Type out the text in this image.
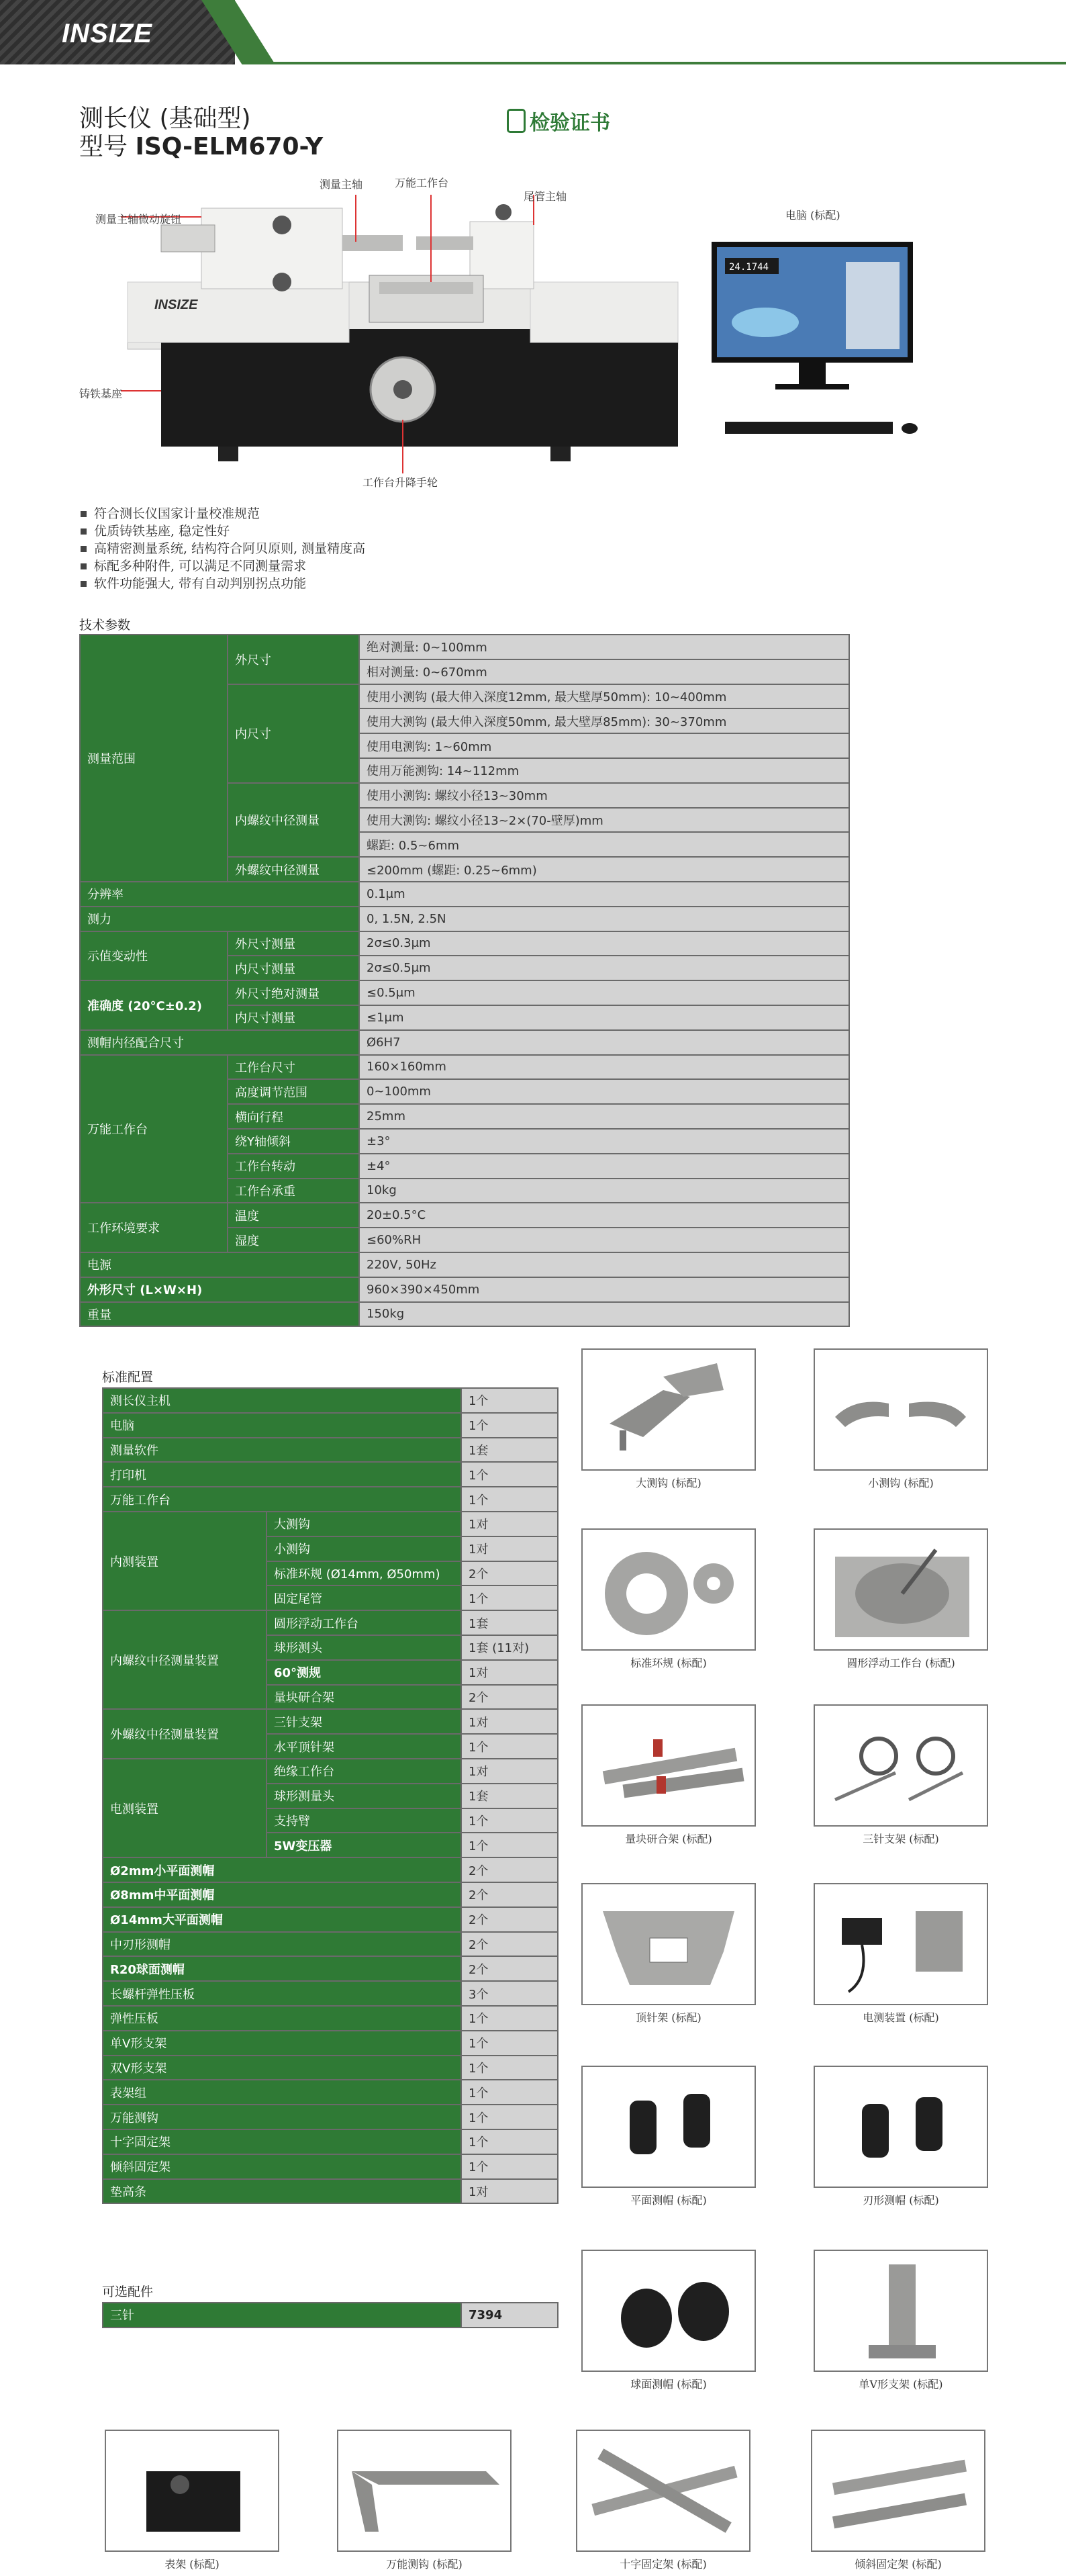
INSIZE
测长仪 (基础型)
型号 ISQ-ELM670-Y
检验证书
INSIZE
测量主轴	万能工作台
尾管主轴
测量主轴微动旋钮
铸铁基座
工作台升降手轮
电脑 (标配)
24.1744
符合测长仪国家计量校准规范
优质铸铁基座, 稳定性好
高精密测量系统, 结构符合阿贝原则, 测量精度高
标配多种附件, 可以满足不同测量需求
软件功能强大, 带有自动判别拐点功能
技术参数
测量范围	外尺寸	绝对测量: 0~100mm
		相对测量: 0~670mm
	内尺寸	使用小测钩 (最大伸入深度12mm, 最大壁厚50mm): 10~400mm
		使用大测钩 (最大伸入深度50mm, 最大壁厚85mm): 30~370mm
		使用电测钩: 1~60mm
		使用万能测钩: 14~112mm
	内螺纹中径测量	使用小测钩: 螺纹小径13~30mm
		使用大测钩: 螺纹小径13~2×(70-壁厚)mm
		螺距: 0.5~6mm
	外螺纹中径测量	≤200mm (螺距: 0.25~6mm)
分辨率		0.1μm
测力		0, 1.5N, 2.5N
示值变动性	外尺寸测量	2σ≤0.3μm
	内尺寸测量	2σ≤0.5μm
准确度 (20°C±0.2)	外尺寸绝对测量	≤0.5μm
	内尺寸测量	≤1μm
测帽内径配合尺寸		Ø6H7
万能工作台	工作台尺寸	160×160mm
	高度调节范围	0~100mm
	横向行程	25mm
	绕Y轴倾斜	±3°
	工作台转动	±4°
	工作台承重	10kg
工作环境要求	温度	20±0.5°C
	湿度	≤60%RH
电源		220V, 50Hz
外形尺寸 (L×W×H)		960×390×450mm
重量		150kg
标准配置
测长仪主机		1个
电脑		1个
测量软件		1套
打印机		1个
万能工作台		1个
内测装置	大测钩	1对
	小测钩	1对
	标准环规 (Ø14mm, Ø50mm)	2个
	固定尾管	1个
内螺纹中径测量装置	圆形浮动工作台	1套
	球形测头	1套 (11对)
	60°测规	1对
	量块研合架	2个
外螺纹中径测量装置	三针支架	1对
	水平顶针架	1个
电测装置	绝缘工作台	1对
	球形测量头	1套
	支持臂	1个
	5W变压器	1个
Ø2mm小平面测帽		2个
Ø8mm中平面测帽		2个
Ø14mm大平面测帽		2个
中刃形测帽		2个
R20球面测帽		2个
长螺杆弹性压板		3个
弹性压板		1个
单V形支架		1个
双V形支架		1个
表架组		1个
万能测钩		1个
十字固定架		1个
倾斜固定架		1个
垫高条		1对
可选配件
三针	7394
大测钩 (标配)	小测钩 (标配)
标准环规 (标配)	圆形浮动工作台 (标配)
量块研合架 (标配)	三针支架 (标配)
顶针架 (标配)	电测装置 (标配)
平面测帽 (标配)	刃形测帽 (标配)
球面测帽 (标配)	单V形支架 (标配)
表架 (标配)	万能测钩 (标配)	十字固定架 (标配)	倾斜固定架 (标配)
